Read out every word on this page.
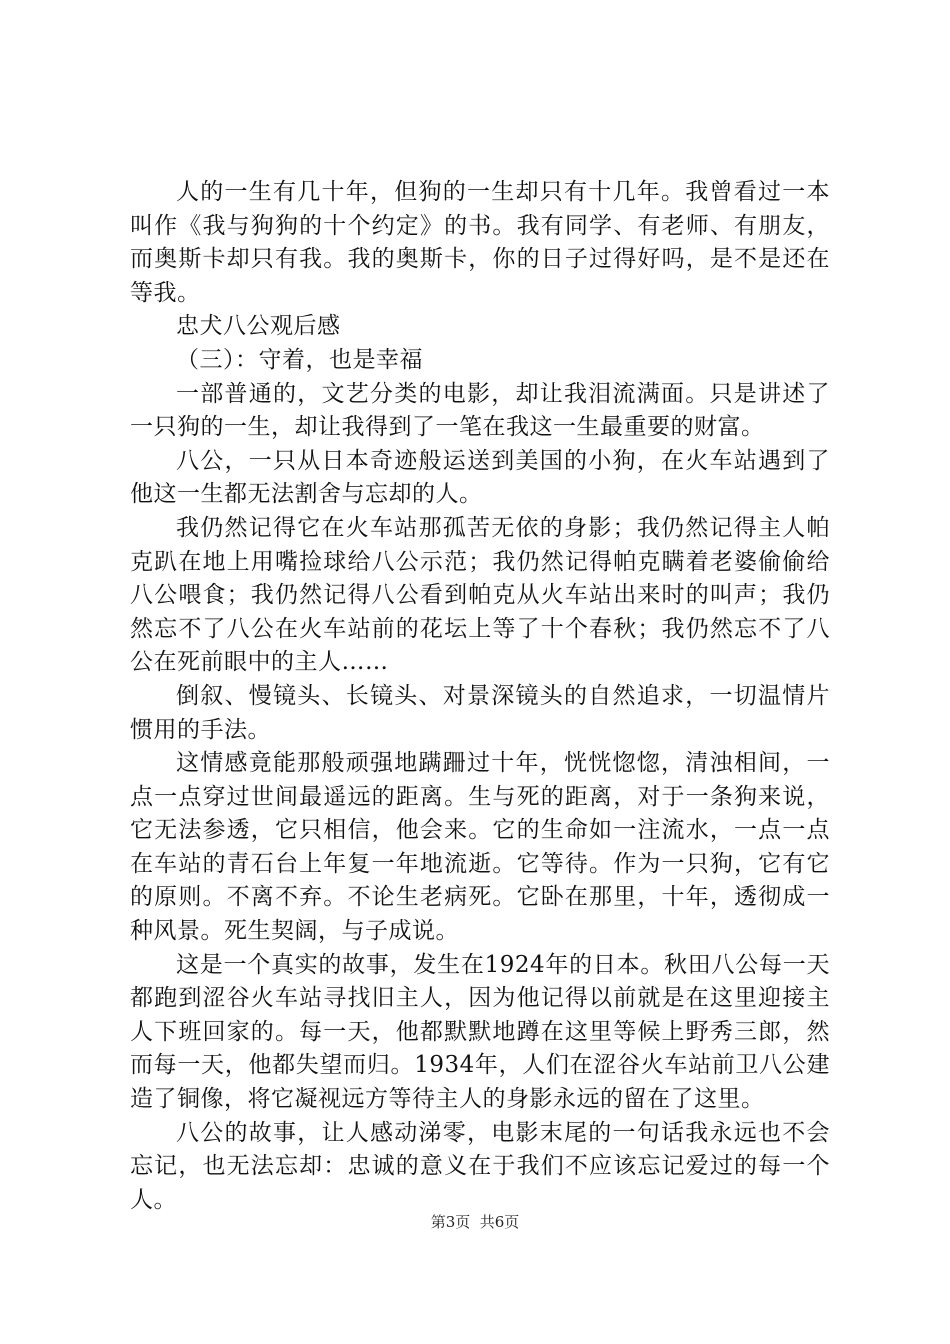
人的一生有几十年，但狗的一生却只有十几年。我曾看过一本叫作《我与狗狗的十个约定》的书。我有同学、有老师、有朋友，而奥斯卡却只有我。我的奥斯卡，你的日子过得好吗，是不是还在等我。

忠犬八公观后感

（三）：守着，也是幸福

一部普通的，文艺分类的电影，却让我泪流满面。只是讲述了一只狗的一生，却让我得到了一笔在我这一生最重要的财富。

八公，一只从日本奇迹般运送到美国的小狗，在火车站遇到了他这一生都无法割舍与忘却的人。

我仍然记得它在火车站那孤苦无依的身影；我仍然记得主人帕克趴在地上用嘴捡球给八公示范；我仍然记得帕克瞒着老婆偷偷给八公喂食；我仍然记得八公看到帕克从火车站出来时的叫声；我仍然忘不了八公在火车站前的花坛上等了十个春秋；我仍然忘不了八公在死前眼中的主人……

倒叙、慢镜头、长镜头、对景深镜头的自然追求，一切温情片惯用的手法。

这情感竟能那般顽强地蹒跚过十年，恍恍惚惚，清浊相间，一点一点穿过世间最遥远的距离。生与死的距离，对于一条狗来说，它无法参透，它只相信，他会来。它的生命如一注流水，一点一点在车站的青石台上年复一年地流逝。它等待。作为一只狗，它有它的原则。不离不弃。不论生老病死。它卧在那里，十年，透彻成一种风景。死生契阔，与子成说。

这是一个真实的故事，发生在1924年的日本。秋田八公每一天都跑到涩谷火车站寻找旧主人，因为他记得以前就是在这里迎接主人下班回家的。每一天，他都默默地蹲在这里等候上野秀三郎，然而每一天，他都失望而归。1934年，人们在涩谷火车站前卫八公建造了铜像，将它凝视远方等待主人的身影永远的留在了这里。

八公的故事，让人感动涕零，电影末尾的一句话我永远也不会忘记，也无法忘却：忠诚的意义在于我们不应该忘记爱过的每一个人。

第3页  共6页
